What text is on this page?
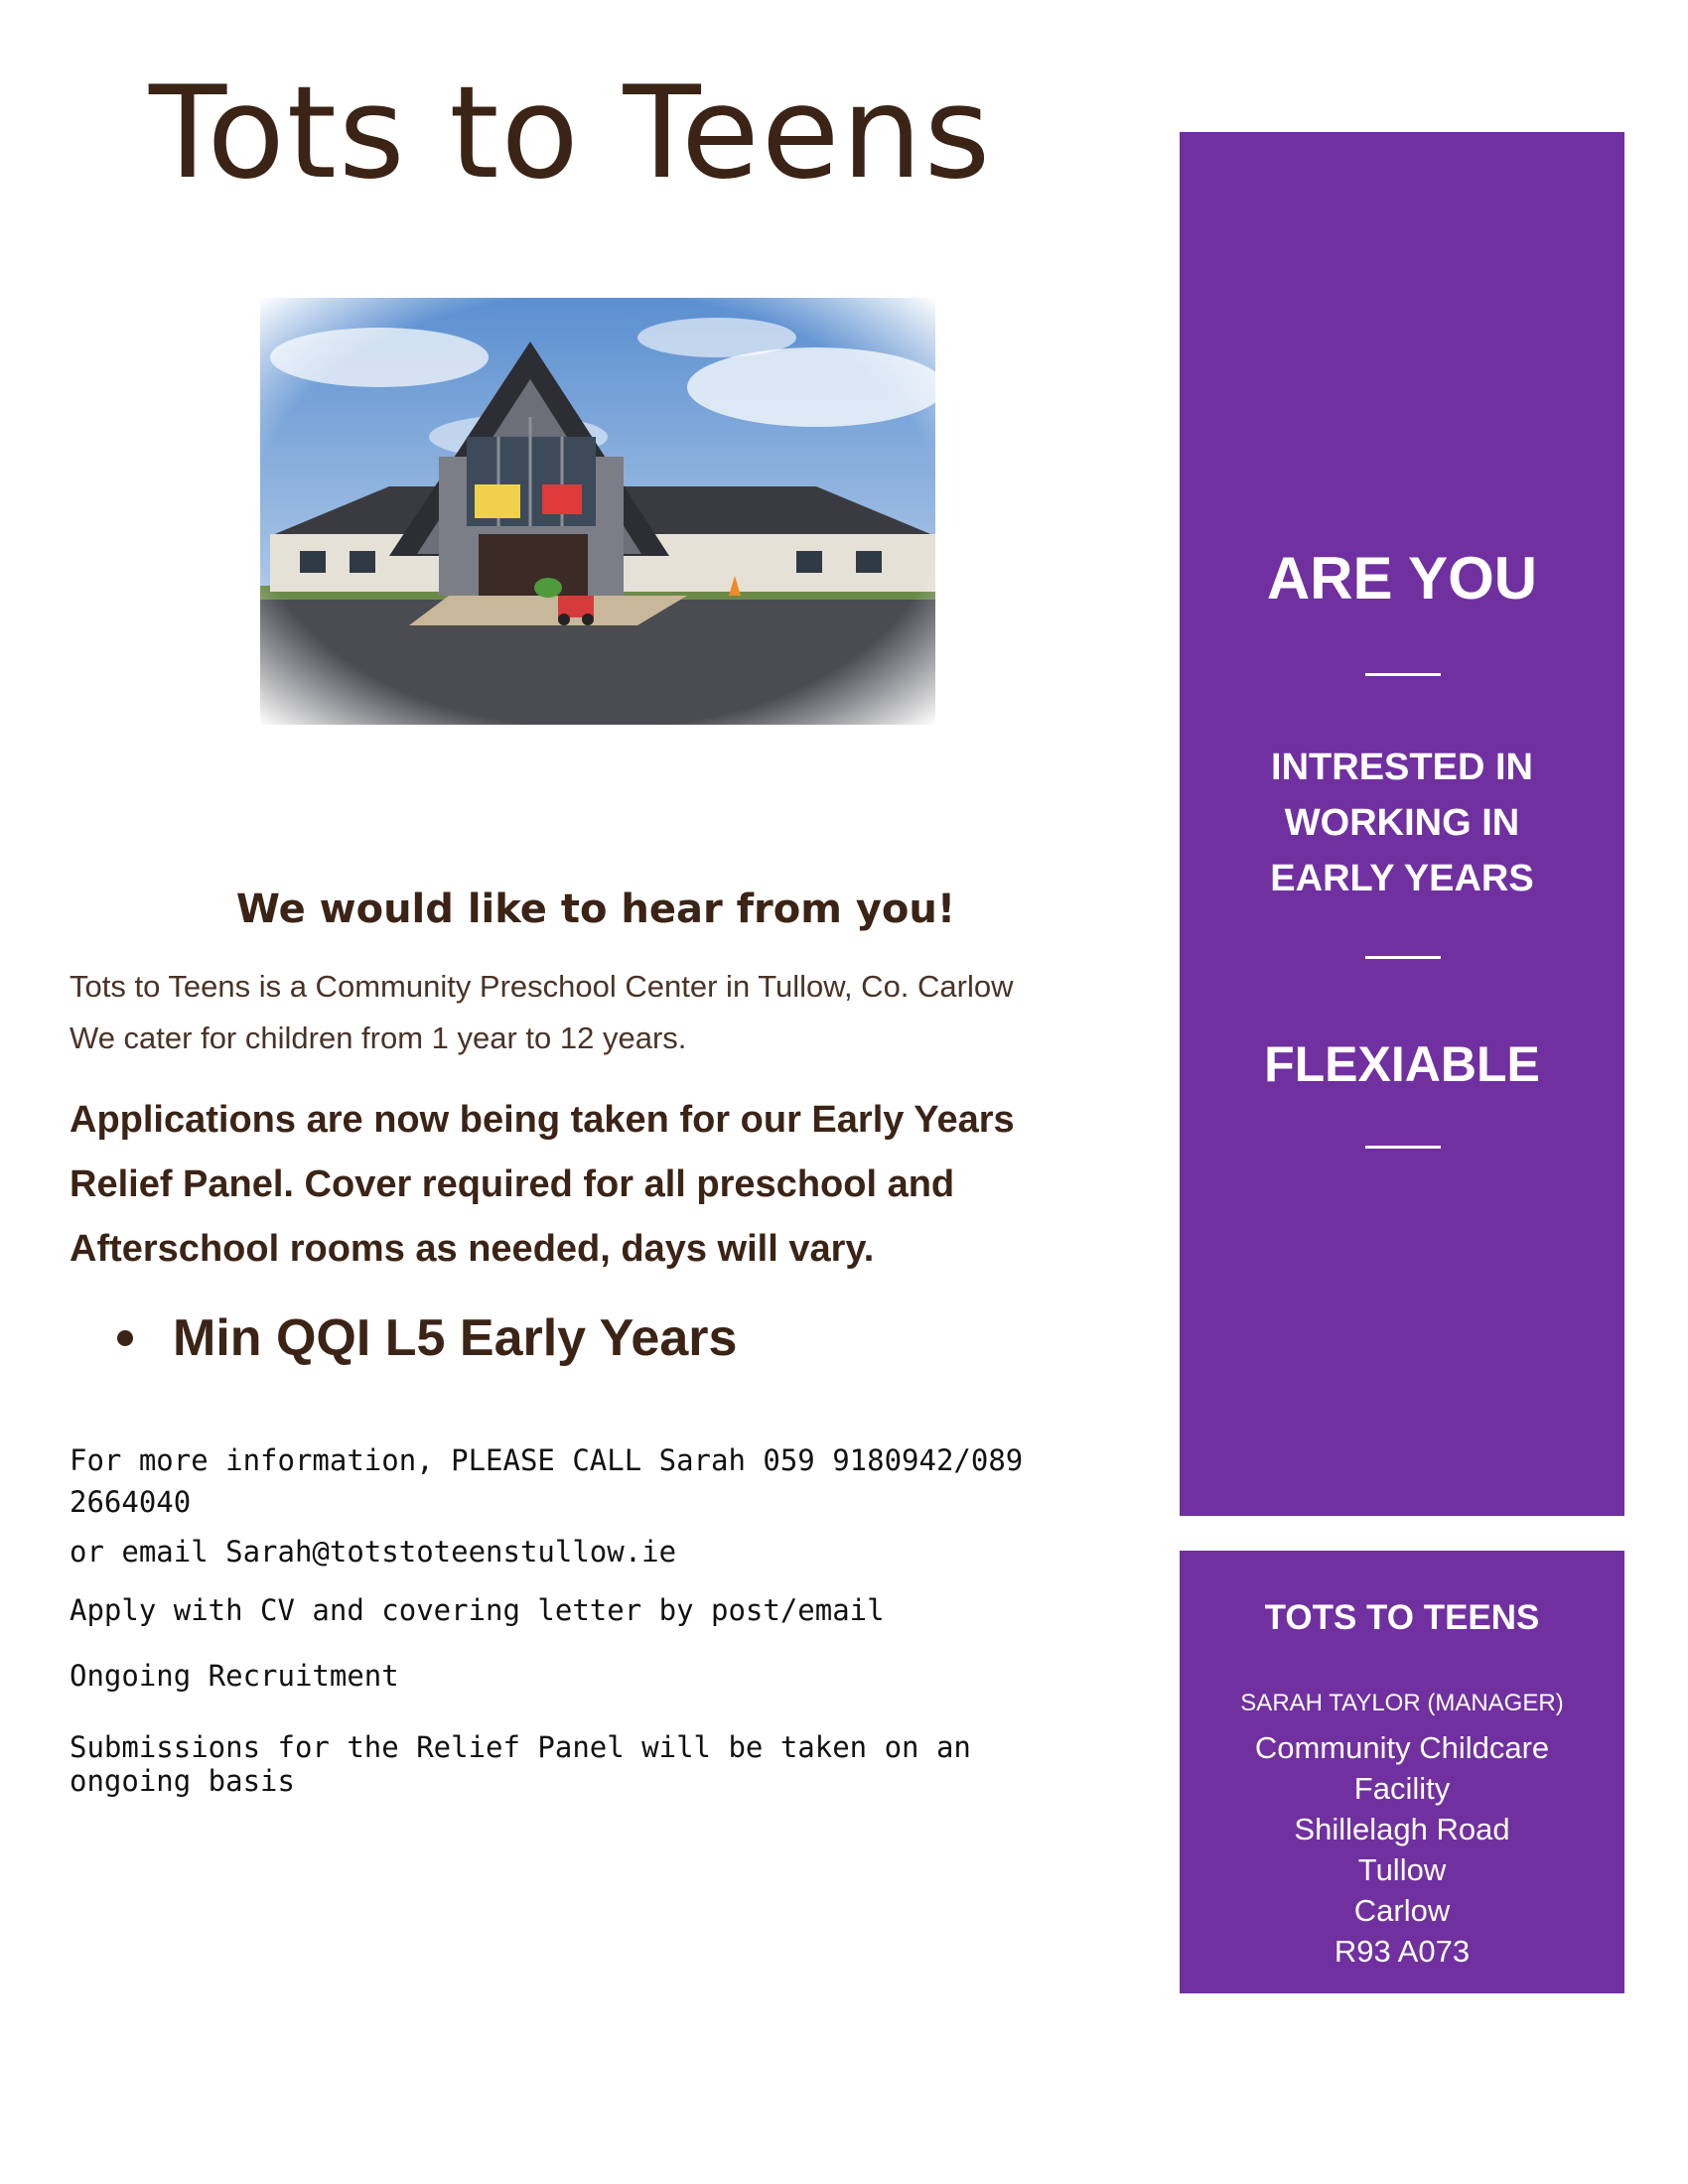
Tots to Teens
We would like to hear from you!
Tots to Teens is a Community Preschool Center in Tullow, Co. Carlow
We cater for children from 1 year to 12 years.
Applications are now being taken for our Early Years
Relief Panel. Cover required for all preschool and
Afterschool rooms as needed, days will vary.
Min QQI L5 Early Years

For more information, PLEASE CALL Sarah 059 9180942/089
2664040

or email Sarah@totstoteenstullow.ie

Apply with CV and covering letter by post/email

Ongoing Recruitment

Submissions for the Relief Panel will be taken on an ongoing basis

ARE YOU
INTRESTED IN
WORKING IN
EARLY YEARS
FLEXIABLE
TOTS TO TEENS
SARAH TAYLOR (MANAGER)
Community Childcare
Facility
Shillelagh Road
Tullow
Carlow
R93 A073
